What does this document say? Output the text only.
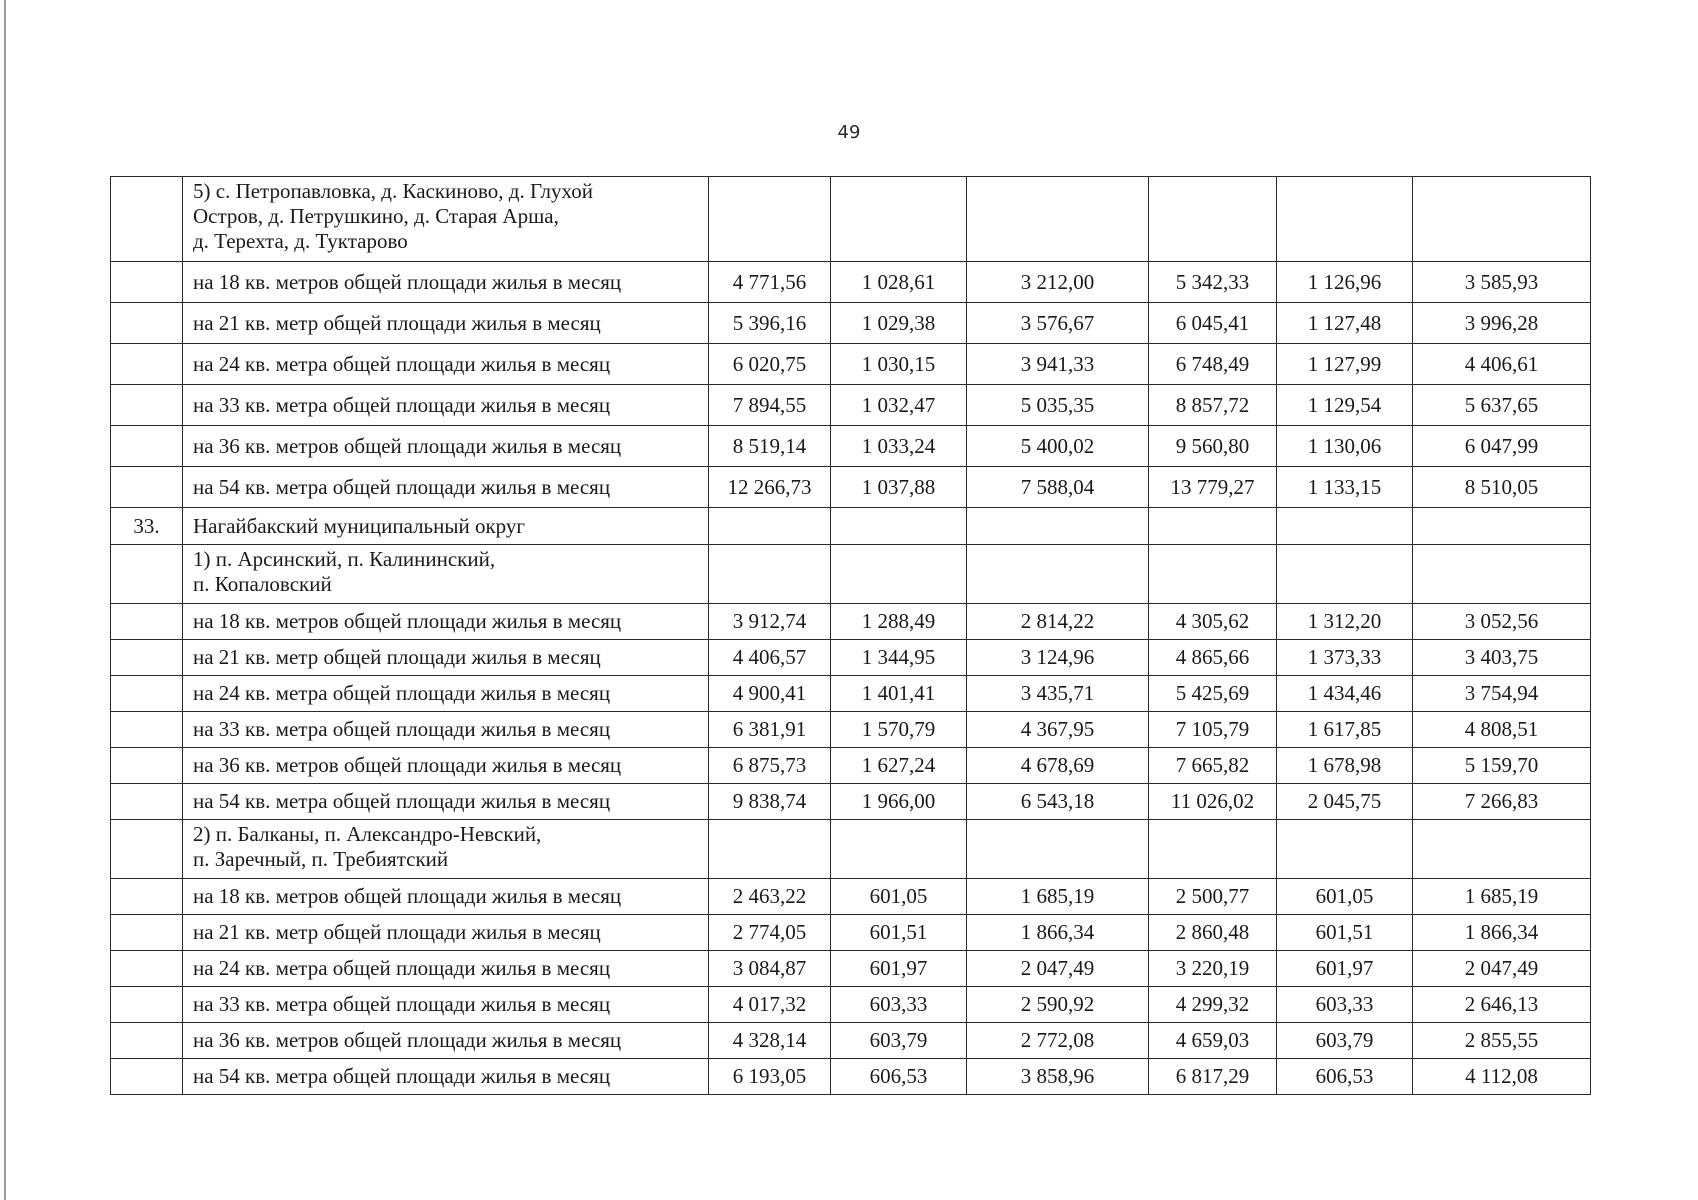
49

	5) с. Петропавловка, д. Каскиново, д. Глухой
Остров, д. Петрушкино, д. Старая Арша,
д. Терехта, д. Туктарово						

	на 18 кв. метров общей площади жилья в месяц	4 771,56	1 028,61	3 212,00	5 342,33	1 126,96	3 585,93
	на 21 кв. метр общей площади жилья в месяц	5 396,16	1 029,38	3 576,67	6 045,41	1 127,48	3 996,28
	на 24 кв. метра общей площади жилья в месяц	6 020,75	1 030,15	3 941,33	6 748,49	1 127,99	4 406,61
	на 33 кв. метра общей площади жилья в месяц	7 894,55	1 032,47	5 035,35	8 857,72	1 129,54	5 637,65
	на 36 кв. метров общей площади жилья в месяц	8 519,14	1 033,24	5 400,02	9 560,80	1 130,06	6 047,99
	на 54 кв. метра общей площади жилья в месяц	12 266,73	1 037,88	7 588,04	13 779,27	1 133,15	8 510,05
33.	Нагайбакский муниципальный округ						

	1) п. Арсинский, п. Калининский,
п. Копаловский						

	на 18 кв. метров общей площади жилья в месяц	3 912,74	1 288,49	2 814,22	4 305,62	1 312,20	3 052,56
	на 21 кв. метр общей площади жилья в месяц	4 406,57	1 344,95	3 124,96	4 865,66	1 373,33	3 403,75
	на 24 кв. метра общей площади жилья в месяц	4 900,41	1 401,41	3 435,71	5 425,69	1 434,46	3 754,94
	на 33 кв. метра общей площади жилья в месяц	6 381,91	1 570,79	4 367,95	7 105,79	1 617,85	4 808,51
	на 36 кв. метров общей площади жилья в месяц	6 875,73	1 627,24	4 678,69	7 665,82	1 678,98	5 159,70
	на 54 кв. метра общей площади жилья в месяц	9 838,74	1 966,00	6 543,18	11 026,02	2 045,75	7 266,83

	2) п. Балканы, п. Александро-Невский,
п. Заречный, п. Требиятский						

	на 18 кв. метров общей площади жилья в месяц	2 463,22	601,05	1 685,19	2 500,77	601,05	1 685,19
	на 21 кв. метр общей площади жилья в месяц	2 774,05	601,51	1 866,34	2 860,48	601,51	1 866,34
	на 24 кв. метра общей площади жилья в месяц	3 084,87	601,97	2 047,49	3 220,19	601,97	2 047,49
	на 33 кв. метра общей площади жилья в месяц	4 017,32	603,33	2 590,92	4 299,32	603,33	2 646,13
	на 36 кв. метров общей площади жилья в месяц	4 328,14	603,79	2 772,08	4 659,03	603,79	2 855,55
	на 54 кв. метра общей площади жилья в месяц	6 193,05	606,53	3 858,96	6 817,29	606,53	4 112,08
